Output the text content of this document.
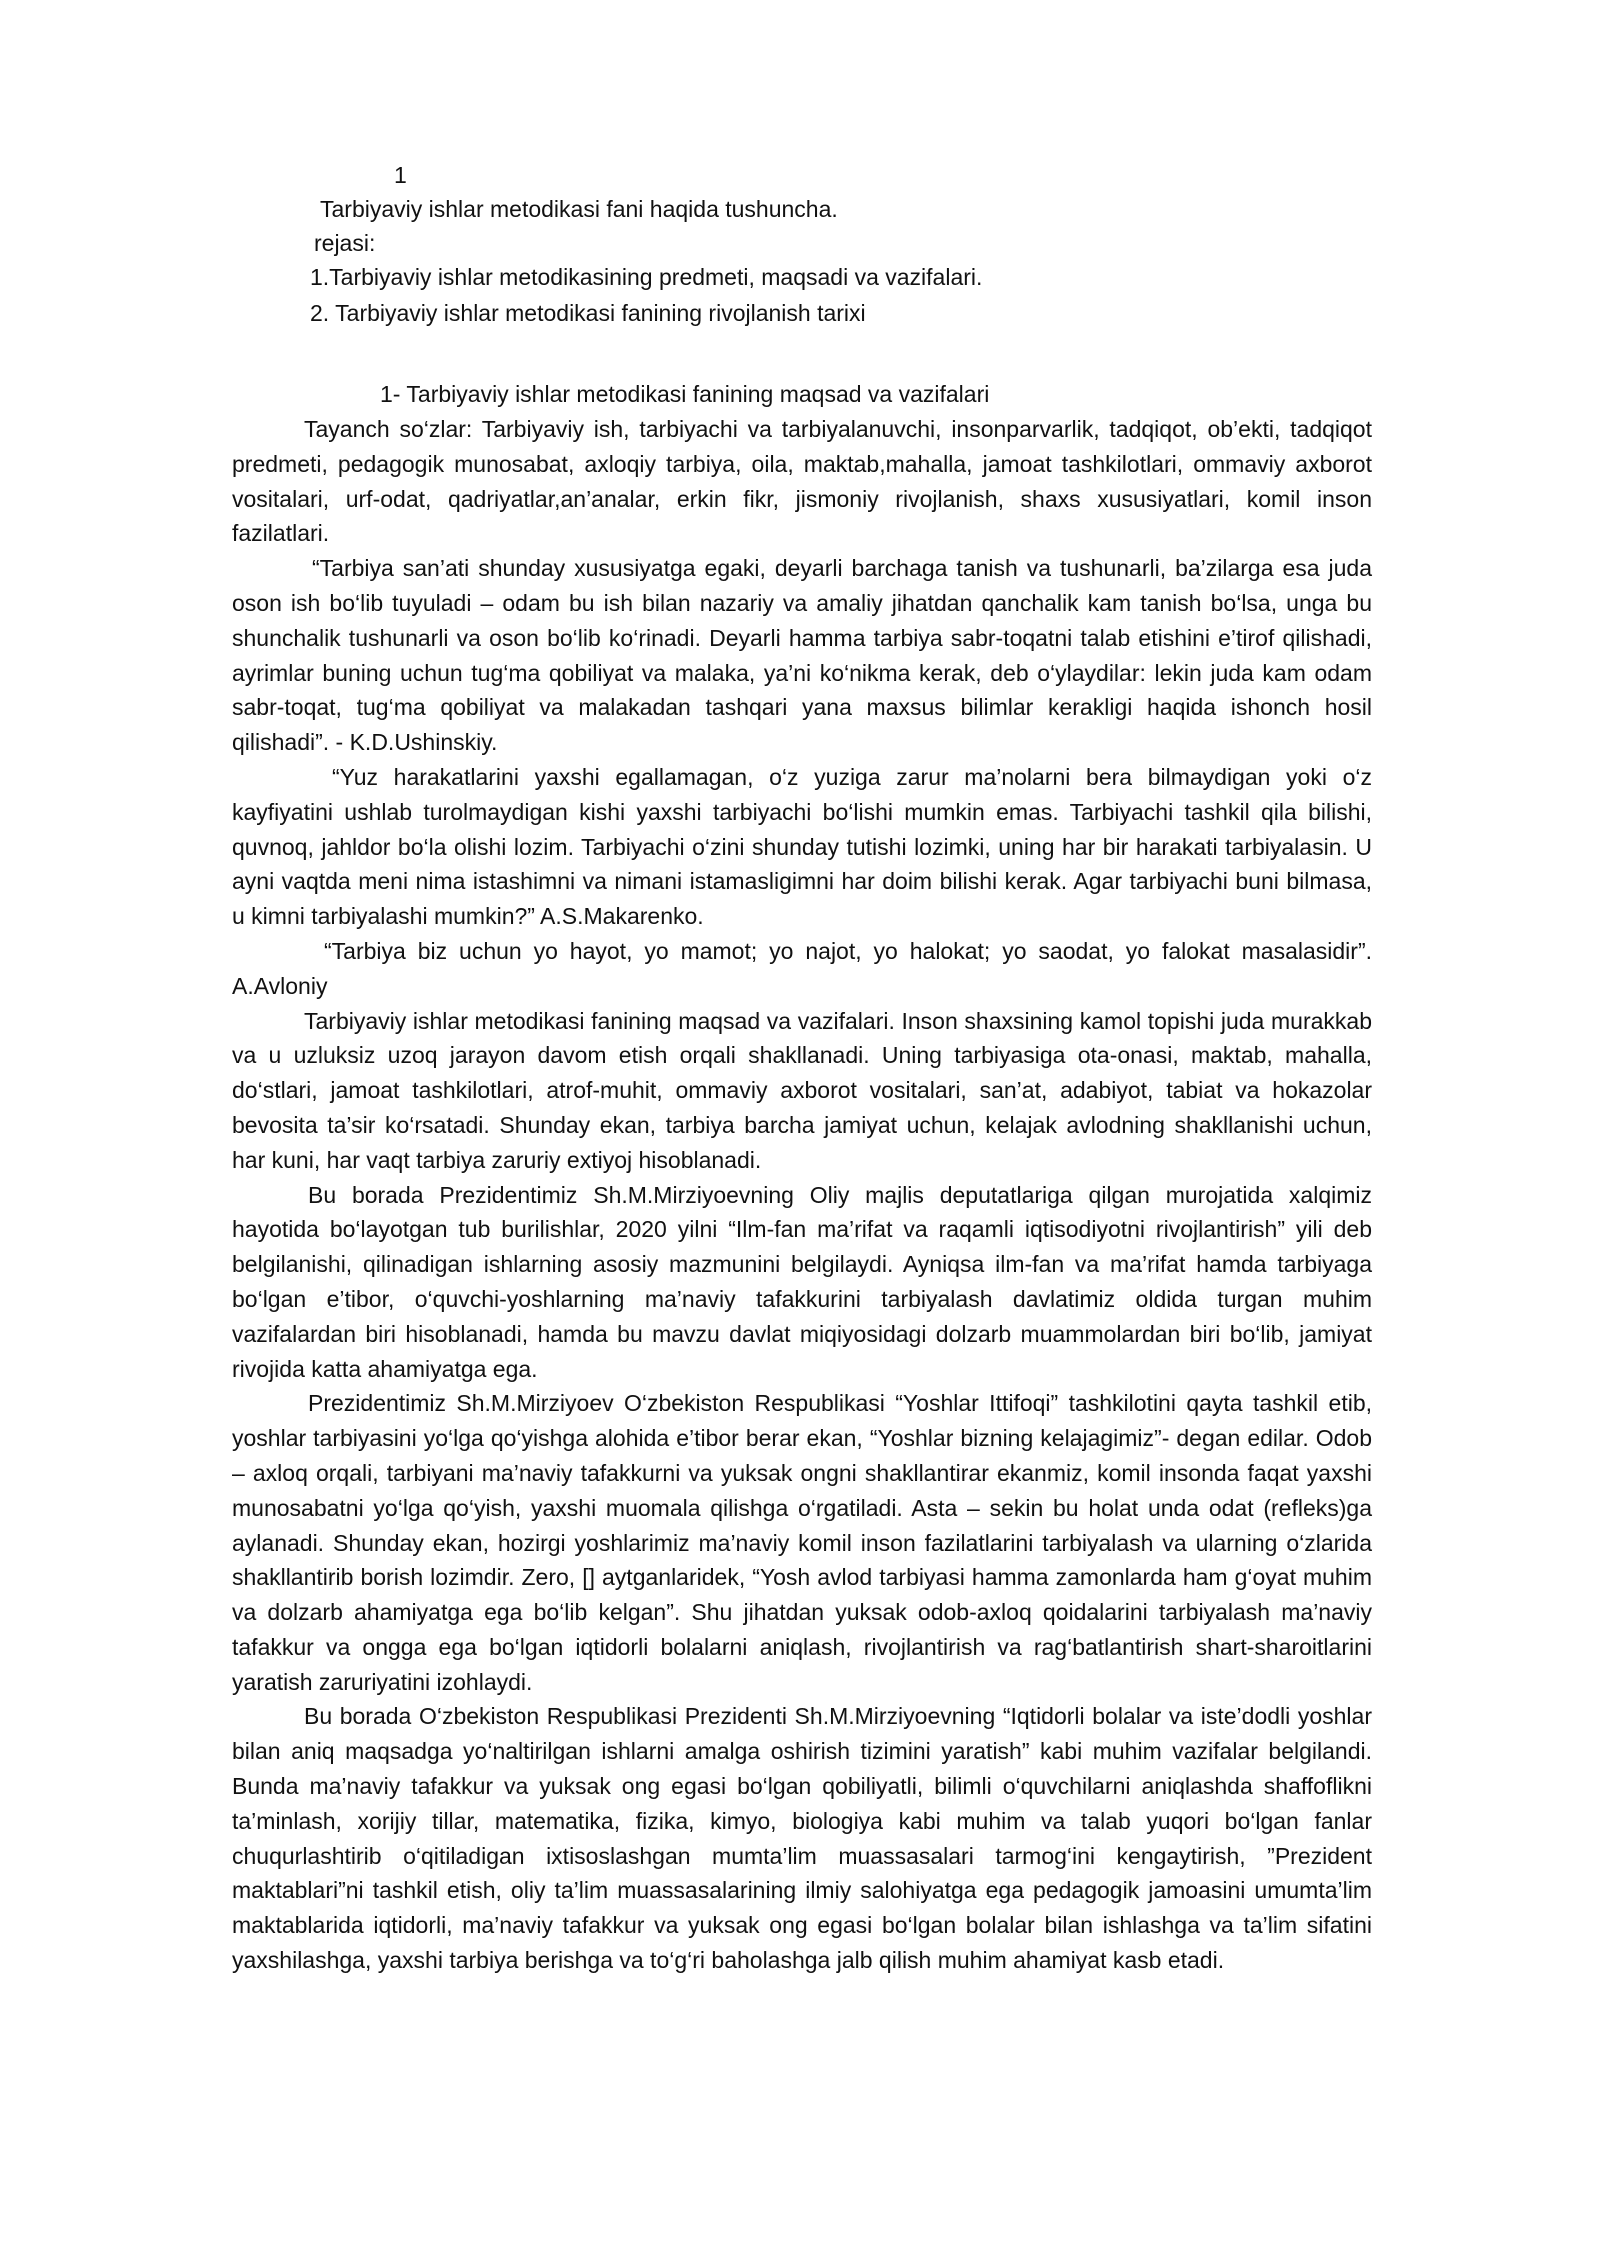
1
Tarbiyaviy ishlar metodikasi fani haqida tushuncha.
rejasi:
1.Tarbiyaviy ishlar metodikasining predmeti, maqsadi va vazifalari.
2. Tarbiyaviy ishlar metodikasi fanining rivojlanish tarixi
1- Tarbiyaviy ishlar metodikasi fanining maqsad va vazifalari

Tayanch so‘zlar: Tarbiyaviy ish, tarbiyachi va tarbiyalanuvchi, insonparvarlik, tadqiqot, ob’ekti, tadqiqot predmeti, pedagogik munosabat, axloqiy tarbiya, oila, maktab,mahalla, jamoat tashkilotlari, ommaviy axborot vositalari, urf-odat, qadriyatlar,an’analar, erkin fikr, jismoniy rivojlanish, shaxs xususiyatlari, komil inson fazilatlari.

“Tarbiya san’ati shunday xususiyatga egaki, deyarli barchaga tanish va tushunarli, ba’zilarga esa juda oson ish bo‘lib tuyuladi – odam bu ish bilan nazariy va amaliy jihatdan qanchalik kam tanish bo‘lsa, unga bu shunchalik tushunarli va oson bo‘lib ko‘rinadi. Deyarli hamma tarbiya sabr-toqatni talab etishini e’tirof qilishadi, ayrimlar buning uchun tug‘ma qobiliyat va malaka, ya’ni ko‘nikma kerak, deb o‘ylaydilar: lekin juda kam odam sabr-toqat, tug‘ma qobiliyat va malakadan tashqari yana maxsus bilimlar kerakligi haqida ishonch hosil qilishadi”. - K.D.Ushinskiy.

“Yuz harakatlarini yaxshi egallamagan, o‘z yuziga zarur ma’nolarni bera bilmaydigan yoki o‘z kayfiyatini ushlab turolmaydigan kishi yaxshi tarbiyachi bo‘lishi mumkin emas. Tarbiyachi tashkil qila bilishi, quvnoq, jahldor bo‘la olishi lozim. Tarbiyachi o‘zini shunday tutishi lozimki, uning har bir harakati tarbiyalasin. U ayni vaqtda meni nima istashimni va nimani istamasligimni har doim bilishi kerak. Agar tarbiyachi buni bilmasa, u kimni tarbiyalashi mumkin?” A.S.Makarenko.

“Tarbiya biz uchun yo hayot, yo mamot; yo najot, yo halokat; yo saodat, yo falokat masalasidir”. A.Avloniy

Tarbiyaviy ishlar metodikasi fanining maqsad va vazifalari. Inson shaxsining kamol topishi juda murakkab va u uzluksiz uzoq jarayon davom etish orqali shakllanadi. Uning tarbiyasiga ota-onasi, maktab, mahalla, do‘stlari, jamoat tashkilotlari, atrof-muhit, ommaviy axborot vositalari, san’at, adabiyot, tabiat va hokazolar bevosita ta’sir ko‘rsatadi. Shunday ekan, tarbiya barcha jamiyat uchun, kelajak avlodning shakllanishi uchun, har kuni, har vaqt tarbiya zaruriy extiyoj hisoblanadi.

Bu borada Prezidentimiz Sh.M.Mirziyoevning Oliy majlis deputatlariga qilgan murojatida xalqimiz hayotida bo‘layotgan tub burilishlar, 2020 yilni “Ilm-fan ma’rifat va raqamli iqtisodiyotni rivojlantirish” yili deb belgilanishi, qilinadigan ishlarning asosiy mazmunini belgilaydi. Ayniqsa ilm-fan va ma’rifat hamda tarbiyaga bo‘lgan e’tibor, o‘quvchi-yoshlarning ma’naviy tafakkurini tarbiyalash davlatimiz oldida turgan muhim vazifalardan biri hisoblanadi, hamda bu mavzu davlat miqiyosidagi dolzarb muammolardan biri bo‘lib, jamiyat rivojida katta ahamiyatga ega.

Prezidentimiz Sh.M.Mirziyoev O‘zbekiston Respublikasi “Yoshlar Ittifoqi” tashkilotini qayta tashkil etib, yoshlar tarbiyasini yo‘lga qo‘yishga alohida e’tibor berar ekan, “Yoshlar bizning kelajagimiz”- degan edilar. Odob – axloq orqali, tarbiyani ma’naviy tafakkurni va yuksak ongni shakllantirar ekanmiz, komil insonda faqat yaxshi munosabatni yo‘lga qo‘yish, yaxshi muomala qilishga o‘rgatiladi. Asta – sekin bu holat unda odat (refleks)ga aylanadi. Shunday ekan, hozirgi yoshlarimiz ma’naviy komil inson fazilatlarini tarbiyalash va ularning o‘zlarida shakllantirib borish lozimdir. Zero, [] aytganlaridek, “Yosh avlod tarbiyasi hamma zamonlarda ham g‘oyat muhim va dolzarb ahamiyatga ega bo‘lib kelgan”. Shu jihatdan yuksak odob-axloq qoidalarini tarbiyalash ma’naviy tafakkur va ongga ega bo‘lgan iqtidorli bolalarni aniqlash, rivojlantirish va rag‘batlantirish shart-sharoitlarini yaratish zaruriyatini izohlaydi.

Bu borada O‘zbekiston Respublikasi Prezidenti Sh.M.Mirziyoevning “Iqtidorli bolalar va iste’dodli yoshlar bilan aniq maqsadga yo‘naltirilgan ishlarni amalga oshirish tizimini yaratish” kabi muhim vazifalar belgilandi. Bunda ma’naviy tafakkur va yuksak ong egasi bo‘lgan qobiliyatli, bilimli o‘quvchilarni aniqlashda shaffoflikni ta’minlash, xorijiy tillar, matematika, fizika, kimyo, biologiya kabi muhim va talab yuqori bo‘lgan fanlar chuqurlashtirib o‘qitiladigan ixtisoslashgan mumta’lim muassasalari tarmog‘ini kengaytirish, ”Prezident maktablari”ni tashkil etish, oliy ta’lim muassasalarining ilmiy salohiyatga ega pedagogik jamoasini umumta’lim maktablarida iqtidorli, ma’naviy tafakkur va yuksak ong egasi bo‘lgan bolalar bilan ishlashga va ta’lim sifatini yaxshilashga, yaxshi tarbiya berishga va to‘g‘ri baholashga jalb qilish muhim ahamiyat kasb etadi.
